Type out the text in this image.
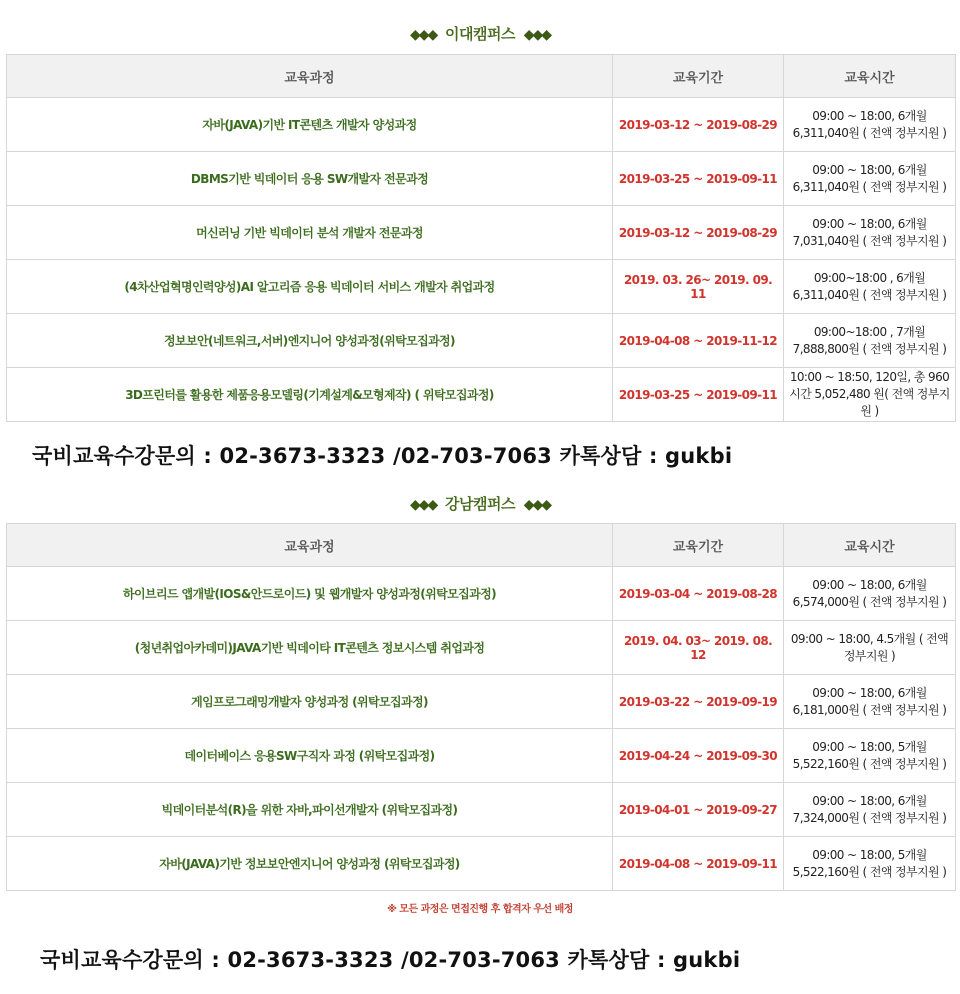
◆◆◆ 이대캠퍼스 ◆◆◆
교육과정	교육기간	교육시간
자바(JAVA)기반 IT콘텐츠 개발자 양성과정	2019-03-12 ~ 2019-08-29	09:00 ~ 18:00, 6개월 6,311,040원 ( 전액 정부지원 )
DBMS기반 빅데이터 응용 SW개발자 전문과정	2019-03-25 ~ 2019-09-11	09:00 ~ 18:00, 6개월 6,311,040원 ( 전액 정부지원 )
머신러닝 기반 빅데이터 분석 개발자 전문과정	2019-03-12 ~ 2019-08-29	09:00 ~ 18:00, 6개월 7,031,040원 ( 전액 정부지원 )
(4차산업혁명인력양성)AI 알고리즘 응용 빅데이터 서비스 개발자 취업과정	2019. 03. 26~ 2019. 09. 11	09:00~18:00 , 6개월 6,311,040원 ( 전액 정부지원 )
정보보안(네트워크,서버)엔지니어 양성과정(위탁모집과정)	2019-04-08 ~ 2019-11-12	09:00~18:00 , 7개월 7,888,800원 ( 전액 정부지원 )
3D프린터를 활용한 제품응용모델링(기계설계&모형제작) ( 위탁모집과정)	2019-03-25 ~ 2019-09-11	10:00 ~ 18:50, 120일, 총 960시간 5,052,480 원( 전액 정부지원 )
국비교육수강문의 : 02-3673-3323 /02-703-7063 카톡상담 : gukbi
◆◆◆ 강남캠퍼스 ◆◆◆
교육과정	교육기간	교육시간
하이브리드 앱개발(IOS&안드로이드) 및 웹개발자 양성과정(위탁모집과정)	2019-03-04 ~ 2019-08-28	09:00 ~ 18:00, 6개월 6,574,000원 ( 전액 정부지원 )
(청년취업아카데미)JAVA기반 빅데이타 IT콘텐츠 정보시스템 취업과정	2019. 04. 03~ 2019. 08. 12	09:00 ~ 18:00, 4.5개월 ( 전액 정부지원 )
게임프로그래밍개발자 양성과정 (위탁모집과정)	2019-03-22 ~ 2019-09-19	09:00 ~ 18:00, 6개월 6,181,000원 ( 전액 정부지원 )
데이터베이스 응용SW구직자 과정 (위탁모집과정)	2019-04-24 ~ 2019-09-30	09:00 ~ 18:00, 5개월 5,522,160원 ( 전액 정부지원 )
빅데이터분석(R)을 위한 자바,파이선개발자 (위탁모집과정)	2019-04-01 ~ 2019-09-27	09:00 ~ 18:00, 6개월 7,324,000원 ( 전액 정부지원 )
자바(JAVA)기반 정보보안엔지니어 양성과정 (위탁모집과정)	2019-04-08 ~ 2019-09-11	09:00 ~ 18:00, 5개월 5,522,160원 ( 전액 정부지원 )
※ 모든 과정은 면접진행 후 합격자 우선 배정
국비교육수강문의 : 02-3673-3323 /02-703-7063 카톡상담 : gukbi
